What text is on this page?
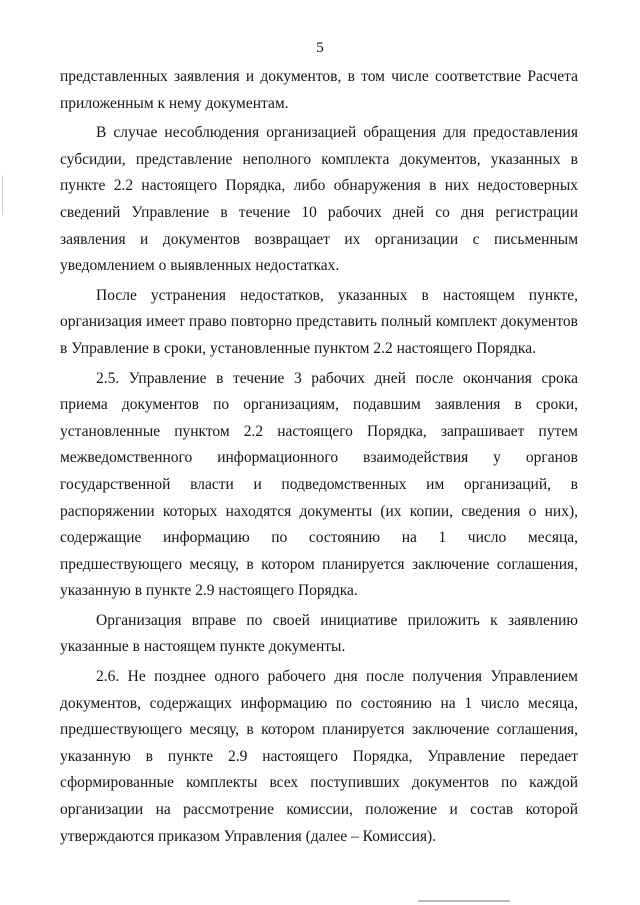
5

представленных заявления и документов, в том числе соответствие Расчета приложенным к нему документам.

В случае несоблюдения организацией обращения для предоставления субсидии, представление неполного комплекта документов, указанных в пункте 2.2 настоящего Порядка, либо обнаружения в них недостоверных сведений Управление в течение 10 рабочих дней со дня регистрации заявления и документов возвращает их организации с письменным уведомлением о выявленных недостатках.

После устранения недостатков, указанных в настоящем пункте, организация имеет право повторно представить полный комплект документов в Управление в сроки, установленные пунктом 2.2 настоящего Порядка.

2.5. Управление в течение 3 рабочих дней после окончания срока приема документов по организациям, подавшим заявления в сроки, установленные пунктом 2.2 настоящего Порядка, запрашивает путем межведомственного информационного взаимодействия у органов государственной власти и подведомственных им организаций, в распоряжении которых находятся документы (их копии, сведения о них), содержащие информацию по состоянию на 1 число месяца, предшествующего месяцу, в котором планируется заключение соглашения, указанную в пункте 2.9 настоящего Порядка.

Организация вправе по своей инициативе приложить к заявлению указанные в настоящем пункте документы.

2.6. Не позднее одного рабочего дня после получения Управлением документов, содержащих информацию по состоянию на 1 число месяца, предшествующего месяцу, в котором планируется заключение соглашения, указанную в пункте 2.9 настоящего Порядка, Управление передает сформированные комплекты всех поступивших документов по каждой организации на рассмотрение комиссии, положение и состав которой утверждаются приказом Управления (далее – Комиссия).
